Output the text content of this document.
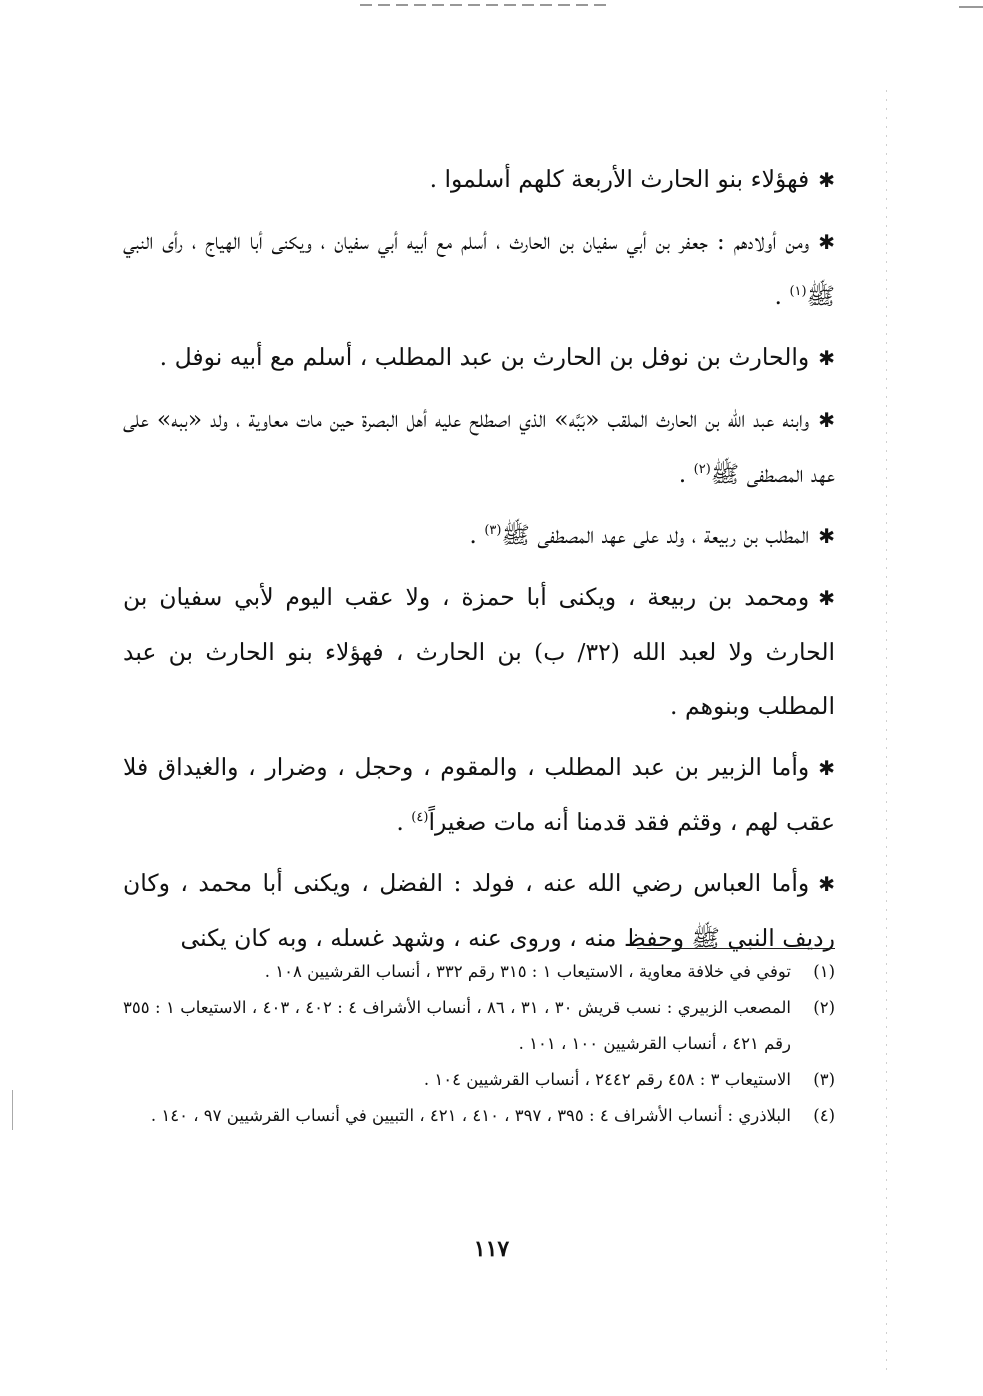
✱فهؤلاء بنو الحارث الأربعة كلهم أسلموا .

✱ومن أولادهم : جعفر بن أبي سفيان بن الحارث ، أسلم مع أبيه أبي سفيان ، ويكنى أبا الهياج ، رأى النبي ﷺ$^{(١)}$ .

✱والحارث بن نوفل بن الحارث بن عبد المطلب ، أسلم مع أبيه نوفل .

✱وابنه عبد الله بن الحارث الملقب «بَبَّه» الذي اصطلح عليه أهل البصرة حين مات معاوية ، ولد «ببه» على عهد المصطفى ﷺ$^{(٢)}$ .

✱المطلب بن ربيعة ، ولد على عهد المصطفى ﷺ$^{(٣)}$ .

✱ومحمد بن ربيعة ، ويكنى أبا حمزة ، ولا عقب اليوم لأبي سفيان بن الحارث ولا لعبد الله (٣٢/ ب) بن الحارث ، فهؤلاء بنو الحارث بن عبد المطلب وبنوهم .

✱وأما الزبير بن عبد المطلب ، والمقوم ، وحجل ، وضرار ، والغيداق فلا عقب لهم ، وقثم فقد قدمنا أنه مات صغيراً$^{(٤)}$ .

✱وأما العباس رضي الله عنه ، فولد : الفضل ، ويكنى أبا محمد ، وكان رديف النبي ﷺ وحفظ منه ، وروى عنه ، وشهد غسله ، وبه كان يكنى

(١)
توفي في خلافة معاوية ، الاستيعاب ١ : ٣١٥ رقم ٣٣٢ ، أنساب القرشيين ١٠٨ .

(٢)
المصعب الزبيري : نسب قريش ٣٠ ، ٣١ ، ٨٦ ، أنساب الأشراف ٤ : ٤٠٢ ، ٤٠٣ ، الاستيعاب ١ : ٣٥٥ رقم ٤٢١ ، أنساب القرشيين ١٠٠ ، ١٠١ .

(٣)
الاستيعاب ٣ : ٤٥٨ رقم ٢٤٤٢ ، أنساب القرشيين ١٠٤ .

(٤)
البلاذري : أنساب الأشراف ٤ : ٣٩٥ ، ٣٩٧ ، ٤١٠ ، ٤٢١ ، التبيين في أنساب القرشيين ٩٧ ، ١٤٠ .

١١٧
